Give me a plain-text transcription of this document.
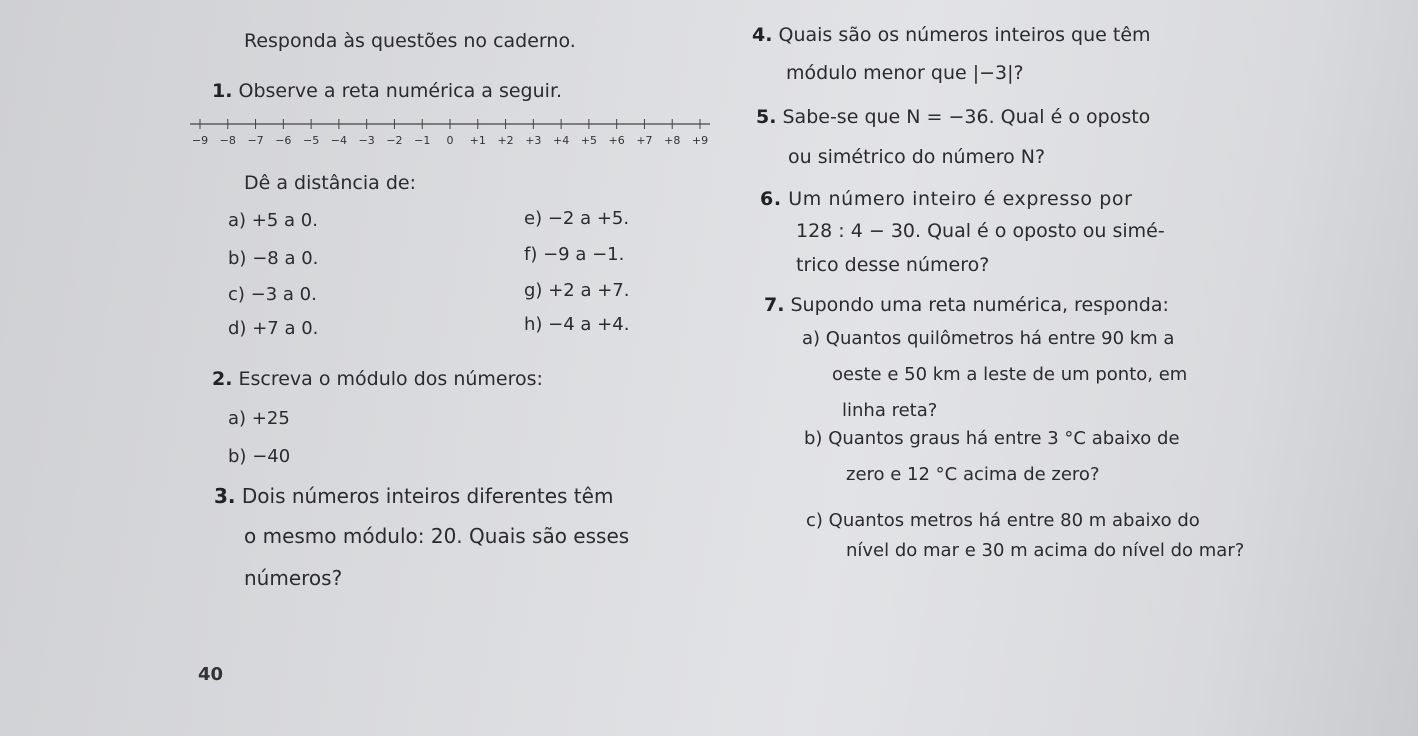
Responda às questões no caderno.
1. Observe a reta numérica a seguir.
−9 −8 −7 −6 −5 −4 −3 −2 −1 0 +1 +2 +3 +4 +5 +6 +7 +8 +9
Dê a distância de:
a) +5 a 0.
b) −8 a 0.
c) −3 a 0.
d) +7 a 0.
e) −2 a +5.
f) −9 a −1.
g) +2 a +7.
h) −4 a +4.
2. Escreva o módulo dos números:
a) +25
b) −40
3. Dois números inteiros diferentes têm
o mesmo módulo: 20. Quais são esses
números?
40
4. Quais são os números inteiros que têm
módulo menor que |−3|?
5. Sabe-se que N = −36. Qual é o oposto
ou simétrico do número N?
6. Um número inteiro é expresso por
128 : 4 − 30. Qual é o oposto ou simé-
trico desse número?
7. Supondo uma reta numérica, responda:
a) Quantos quilômetros há entre 90 km a
oeste e 50 km a leste de um ponto, em
linha reta?
b) Quantos graus há entre 3 °C abaixo de
zero e 12 °C acima de zero?
c) Quantos metros há entre 80 m abaixo do
nível do mar e 30 m acima do nível do mar?
